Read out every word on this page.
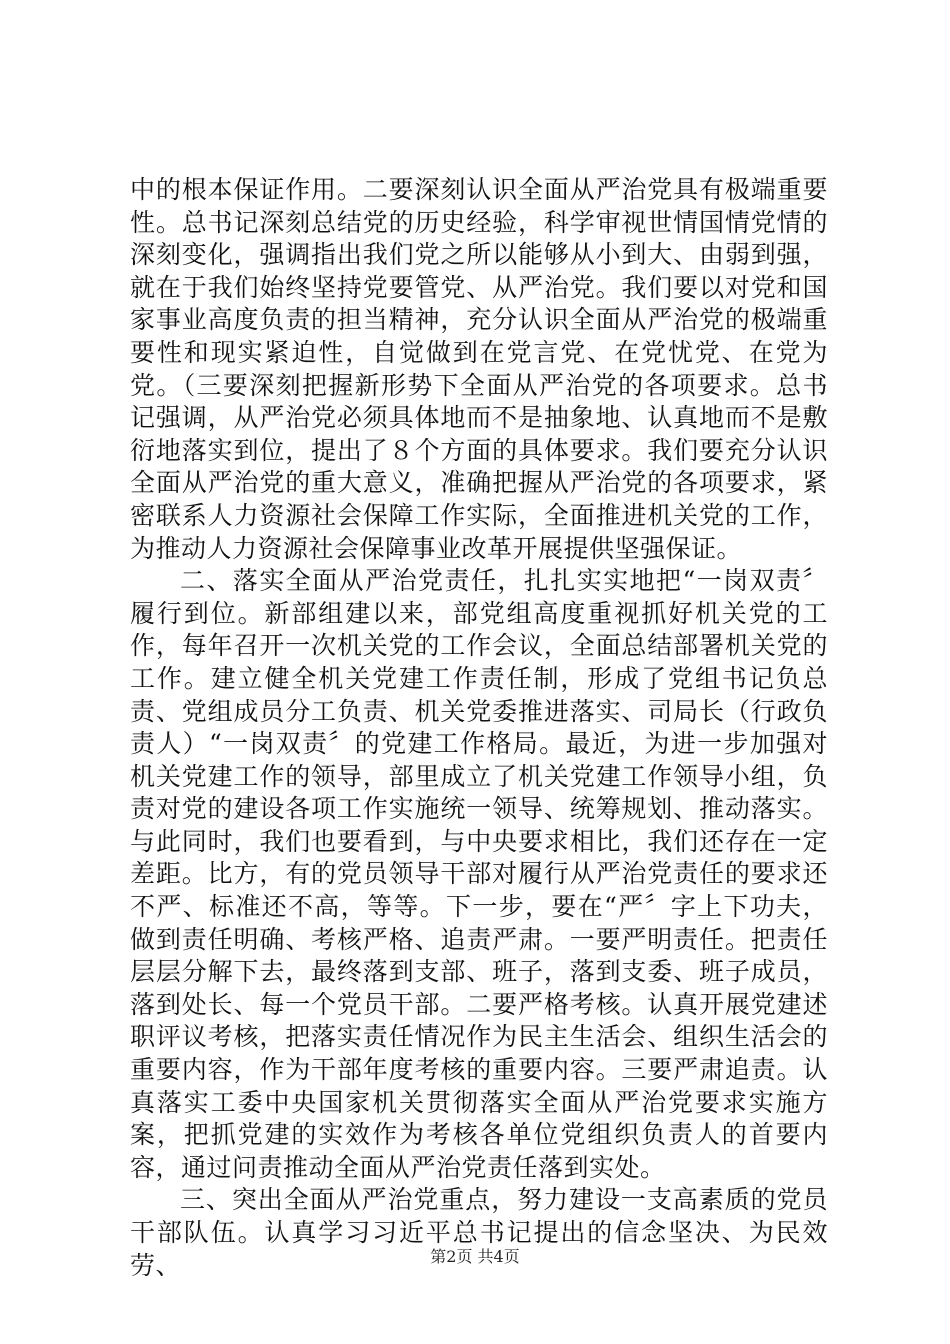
中的根本保证作用。二要深刻认识全面从严治党具有极端重要性。总书记深刻总结党的历史经验，科学审视世情国情党情的深刻变化，强调指出我们党之所以能够从小到大、由弱到强，就在于我们始终坚持党要管党、从严治党。我们要以对党和国家事业高度负责的担当精神，充分认识全面从严治党的极端重要性和现实紧迫性，自觉做到在党言党、在党忧党、在党为党。（三要深刻把握新形势下全面从严治党的各项要求。总书记强调，从严治党必须具体地而不是抽象地、认真地而不是敷衍地落实到位，提出了８个方面的具体要求。我们要充分认识全面从严治党的重大意义，准确把握从严治党的各项要求，紧密联系人力资源社会保障工作实际，全面推进机关党的工作，为推动人力资源社会保障事业改革开展提供坚强保证。

二、落实全面从严治党责任，扎扎实实地把“一岗双责〞履行到位。新部组建以来，部党组高度重视抓好机关党的工作，每年召开一次机关党的工作会议，全面总结部署机关党的工作。建立健全机关党建工作责任制，形成了党组书记负总责、党组成员分工负责、机关党委推进落实、司局长（行政负责人）“一岗双责〞的党建工作格局。最近，为进一步加强对机关党建工作的领导，部里成立了机关党建工作领导小组，负责对党的建设各项工作实施统一领导、统筹规划、推动落实。与此同时，我们也要看到，与中央要求相比，我们还存在一定差距。比方，有的党员领导干部对履行从严治党责任的要求还不严、标准还不高，等等。下一步，要在“严〞字上下功夫，做到责任明确、考核严格、追责严肃。一要严明责任。把责任层层分解下去，最终落到支部、班子，落到支委、班子成员，落到处长、每一个党员干部。二要严格考核。认真开展党建述职评议考核，把落实责任情况作为民主生活会、组织生活会的重要内容，作为干部年度考核的重要内容。三要严肃追责。认真落实工委中央国家机关贯彻落实全面从严治党要求实施方案，把抓党建的实效作为考核各单位党组织负责人的首要内容，通过问责推动全面从严治党责任落到实处。

三、突出全面从严治党重点，努力建设一支高素质的党员干部队伍。认真学习习近平总书记提出的信念坚决、为民效劳、	第2页 共4页
